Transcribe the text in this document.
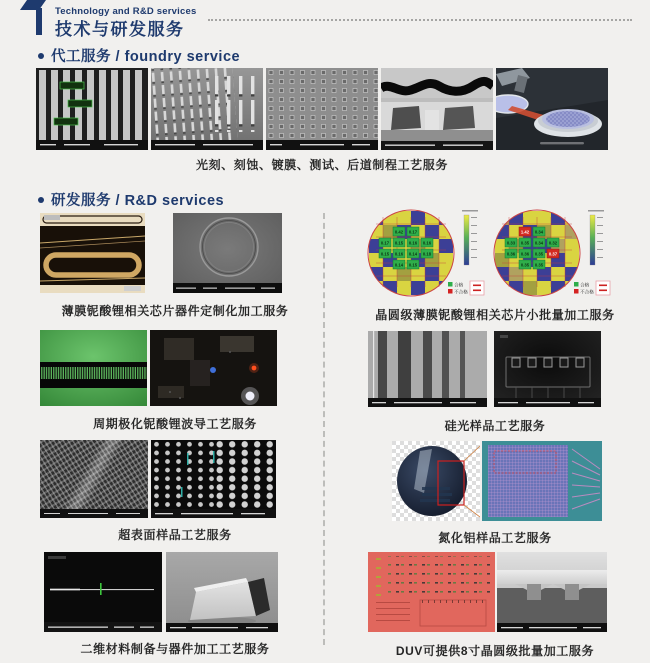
Technology and R&D services
技术与研发服务
代工服务 / foundry service
光刻、刻蚀、镀膜、测试、后道制程工艺服务
研发服务 / R&D services
薄膜铌酸锂相关芯片器件定制化加工服务
0.42 0.17
0.17 0.15 0.16 0.16
0.15 0.16 0.14 0.18
0.14 0.15
合格
不合格
1.42 0.34
0.33 0.35 0.34 0.32
0.36 0.36 0.35 0.37
0.35 0.35
合格
不合格
晶圆级薄膜铌酸锂相关芯片小批量加工服务
周期极化铌酸锂波导工艺服务	硅光样品工艺服务
超表面样品工艺服务	氮化铝样品工艺服务
二维材料制备与器件加工工艺服务	DUV可提供8寸晶圆级批量加工服务
